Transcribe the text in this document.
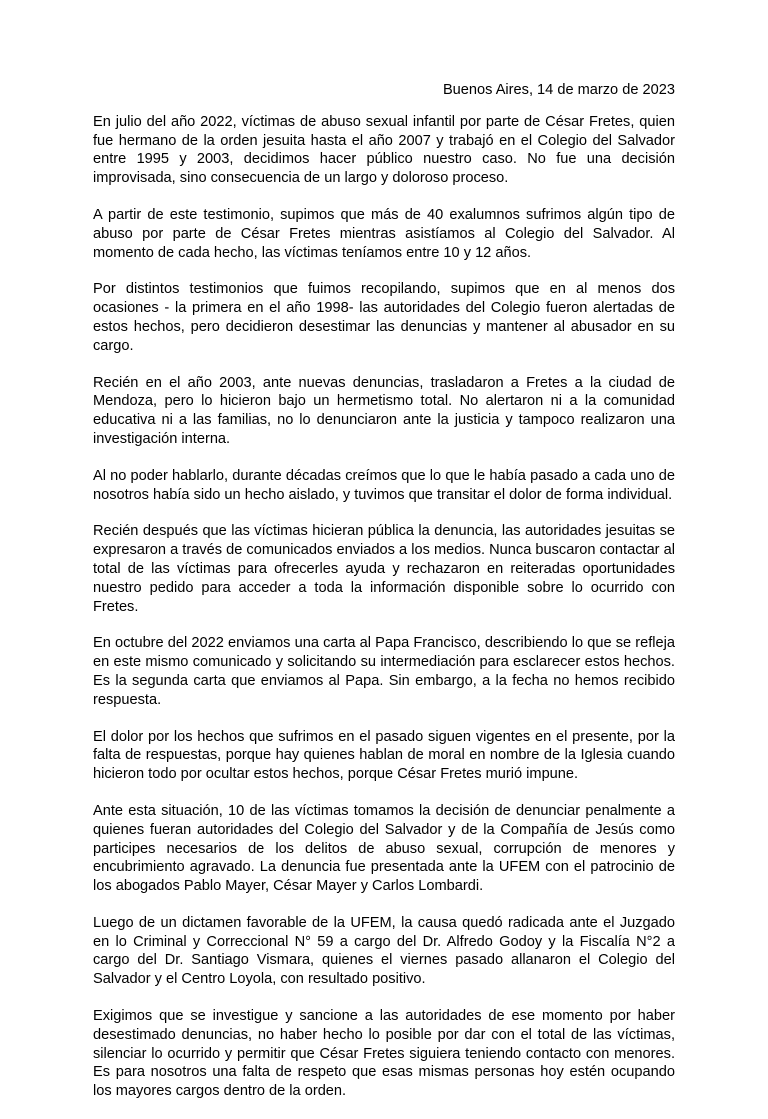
Buenos Aires, 14 de marzo de 2023

En julio del año 2022, víctimas de abuso sexual infantil por parte de César Fretes, quien fue hermano de la orden jesuita hasta el año 2007 y trabajó en el Colegio del Salvador entre 1995 y 2003, decidimos hacer público nuestro caso. No fue una decisión improvisada, sino consecuencia de un largo y doloroso proceso.

A partir de este testimonio, supimos que más de 40 exalumnos sufrimos algún tipo de abuso por parte de César Fretes mientras asistíamos al Colegio del Salvador. Al momento de cada hecho, las víctimas teníamos entre 10 y 12 años.

Por distintos testimonios que fuimos recopilando, supimos que en al menos dos ocasiones - la primera en el año 1998- las autoridades del Colegio fueron alertadas de estos hechos, pero decidieron desestimar las denuncias y mantener al abusador en su cargo.

Recién en el año 2003, ante nuevas denuncias, trasladaron a Fretes a la ciudad de Mendoza, pero lo hicieron bajo un hermetismo total. No alertaron ni a la comunidad educativa ni a las familias, no lo denunciaron ante la justicia y tampoco realizaron una investigación interna.

Al no poder hablarlo, durante décadas creímos que lo que le había pasado a cada uno de nosotros había sido un hecho aislado, y tuvimos que transitar el dolor de forma individual.

Recién después que las víctimas hicieran pública la denuncia, las autoridades jesuitas se expresaron a través de comunicados enviados a los medios. Nunca buscaron contactar al total de las víctimas para ofrecerles ayuda y rechazaron en reiteradas oportunidades nuestro pedido para acceder a toda la información disponible sobre lo ocurrido con Fretes.

En octubre del 2022 enviamos una carta al Papa Francisco, describiendo lo que se refleja en este mismo comunicado y solicitando su intermediación para esclarecer estos hechos. Es la segunda carta que enviamos al Papa. Sin embargo, a la fecha no hemos recibido respuesta.

El dolor por los hechos que sufrimos en el pasado siguen vigentes en el presente, por la falta de respuestas, porque hay quienes hablan de moral en nombre de la Iglesia cuando hicieron todo por ocultar estos hechos, porque César Fretes murió impune.

Ante esta situación, 10 de las víctimas tomamos la decisión de denunciar penalmente a quienes fueran autoridades del Colegio del Salvador y de la Compañía de Jesús como participes necesarios de los delitos de abuso sexual, corrupción de menores y encubrimiento agravado. La denuncia fue presentada ante la UFEM con el patrocinio de los abogados Pablo Mayer, César Mayer y Carlos Lombardi.

Luego de un dictamen favorable de la UFEM, la causa quedó radicada ante el Juzgado en lo Criminal y Correccional N° 59 a cargo del Dr. Alfredo Godoy y la Fiscalía N°2 a cargo del Dr. Santiago Vismara, quienes el viernes pasado allanaron el Colegio del Salvador y el Centro Loyola, con resultado positivo.

Exigimos que se investigue y sancione a las autoridades de ese momento por haber desestimado denuncias, no haber hecho lo posible por dar con el total de las víctimas, silenciar lo ocurrido y permitir que César Fretes siguiera teniendo contacto con menores. Es para nosotros una falta de respeto que esas mismas personas hoy estén ocupando los mayores cargos dentro de la orden.
